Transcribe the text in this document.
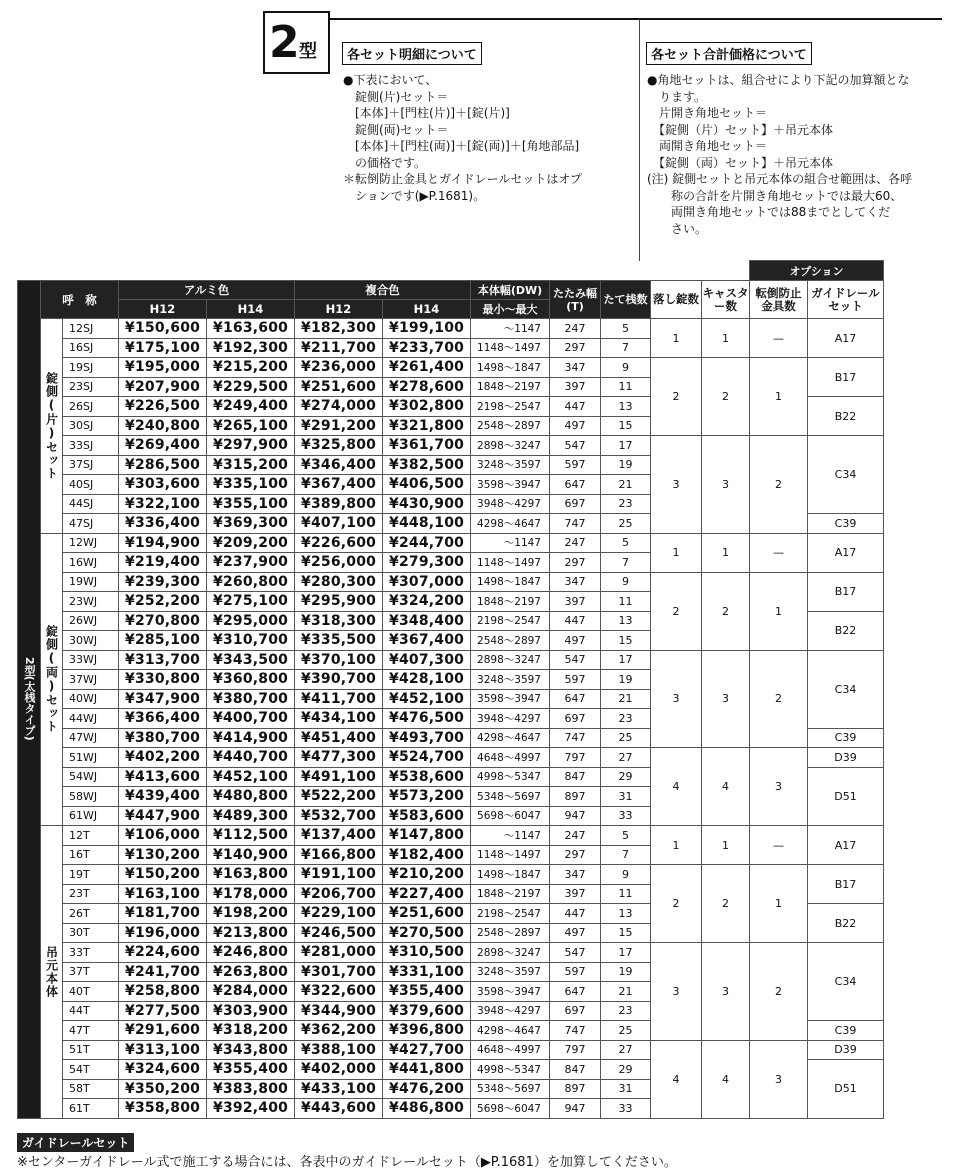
2 型	各セット明細について
●下表において、
　錠側(片)セット＝
　[本体]＋[門柱(片)]＋[錠(片)]
　錠側(両)セット＝
　[本体]＋[門柱(両)]＋[錠(両)]＋[角地部品]
　の価格です。
＊転倒防止金具とガイドレールセットはオプ
　ションです(▶P.1681)。
各セット合計価格について
●角地セットは、組合せにより下記の加算額とな
　ります。
　片開き角地セット＝
　【錠側（片）セット】＋吊元本体
　両開き角地セット＝
　【錠側（両）セット】＋吊元本体
(注) 錠側セットと吊元本体の組合せ範囲は、各呼
　　称の合計を片開き角地セットでは最大60、
　　両開き角地セットでは88までとしてくだ
　　さい。
												オプション	
2型(太桟タイプ)	呼　称		アルミ色		複合色		本体幅(DW)	たたみ幅(T)	たて桟数	落し錠数	キャスター数	転倒防止金具数	ガイドレールセット
			H12	H14	H12	H14	最小～最大						
	錠側(片)セット	12SJ	¥150,600	¥163,600	¥182,300	¥199,100	～1147	247	5	1	1	—	A17
		16SJ	¥175,100	¥192,300	¥211,700	¥233,700	1148～1497	297	7				
		19SJ	¥195,000	¥215,200	¥236,000	¥261,400	1498～1847	347	9	2	2	1	B17
		23SJ	¥207,900	¥229,500	¥251,600	¥278,600	1848～2197	397	11				
		26SJ	¥226,500	¥249,400	¥274,000	¥302,800	2198～2547	447	13				B22
		30SJ	¥240,800	¥265,100	¥291,200	¥321,800	2548～2897	497	15				
		33SJ	¥269,400	¥297,900	¥325,800	¥361,700	2898～3247	547	17	3	3	2	C34
		37SJ	¥286,500	¥315,200	¥346,400	¥382,500	3248～3597	597	19				
		40SJ	¥303,600	¥335,100	¥367,400	¥406,500	3598～3947	647	21				
		44SJ	¥322,100	¥355,100	¥389,800	¥430,900	3948～4297	697	23				
		47SJ	¥336,400	¥369,300	¥407,100	¥448,100	4298～4647	747	25				C39
	錠側(両)セット	12WJ	¥194,900	¥209,200	¥226,600	¥244,700	～1147	247	5	1	1	—	A17
		16WJ	¥219,400	¥237,900	¥256,000	¥279,300	1148～1497	297	7				
		19WJ	¥239,300	¥260,800	¥280,300	¥307,000	1498～1847	347	9	2	2	1	B17
		23WJ	¥252,200	¥275,100	¥295,900	¥324,200	1848～2197	397	11				
		26WJ	¥270,800	¥295,000	¥318,300	¥348,400	2198～2547	447	13				B22
		30WJ	¥285,100	¥310,700	¥335,500	¥367,400	2548～2897	497	15				
		33WJ	¥313,700	¥343,500	¥370,100	¥407,300	2898～3247	547	17	3	3	2	C34
		37WJ	¥330,800	¥360,800	¥390,700	¥428,100	3248～3597	597	19				
		40WJ	¥347,900	¥380,700	¥411,700	¥452,100	3598～3947	647	21				
		44WJ	¥366,400	¥400,700	¥434,100	¥476,500	3948～4297	697	23				
		47WJ	¥380,700	¥414,900	¥451,400	¥493,700	4298～4647	747	25				C39
		51WJ	¥402,200	¥440,700	¥477,300	¥524,700	4648～4997	797	27	4	4	3	D39
		54WJ	¥413,600	¥452,100	¥491,100	¥538,600	4998～5347	847	29				D51
		58WJ	¥439,400	¥480,800	¥522,200	¥573,200	5348～5697	897	31				
		61WJ	¥447,900	¥489,300	¥532,700	¥583,600	5698～6047	947	33				
	吊元本体	12T	¥106,000	¥112,500	¥137,400	¥147,800	～1147	247	5	1	1	—	A17
		16T	¥130,200	¥140,900	¥166,800	¥182,400	1148～1497	297	7				
		19T	¥150,200	¥163,800	¥191,100	¥210,200	1498～1847	347	9	2	2	1	B17
		23T	¥163,100	¥178,000	¥206,700	¥227,400	1848～2197	397	11				
		26T	¥181,700	¥198,200	¥229,100	¥251,600	2198～2547	447	13				B22
		30T	¥196,000	¥213,800	¥246,500	¥270,500	2548～2897	497	15				
		33T	¥224,600	¥246,800	¥281,000	¥310,500	2898～3247	547	17	3	3	2	C34
		37T	¥241,700	¥263,800	¥301,700	¥331,100	3248～3597	597	19				
		40T	¥258,800	¥284,000	¥322,600	¥355,400	3598～3947	647	21				
		44T	¥277,500	¥303,900	¥344,900	¥379,600	3948～4297	697	23				
		47T	¥291,600	¥318,200	¥362,200	¥396,800	4298～4647	747	25				C39
		51T	¥313,100	¥343,800	¥388,100	¥427,700	4648～4997	797	27	4	4	3	D39
		54T	¥324,600	¥355,400	¥402,000	¥441,800	4998～5347	847	29				D51
		58T	¥350,200	¥383,800	¥433,100	¥476,200	5348～5697	897	31				
		61T	¥358,800	¥392,400	¥443,600	¥486,800	5698～6047	947	33				
ガイドレールセット
※センターガイドレール式で施工する場合には、各表中のガイドレールセット（▶P.1681）を加算してください。
